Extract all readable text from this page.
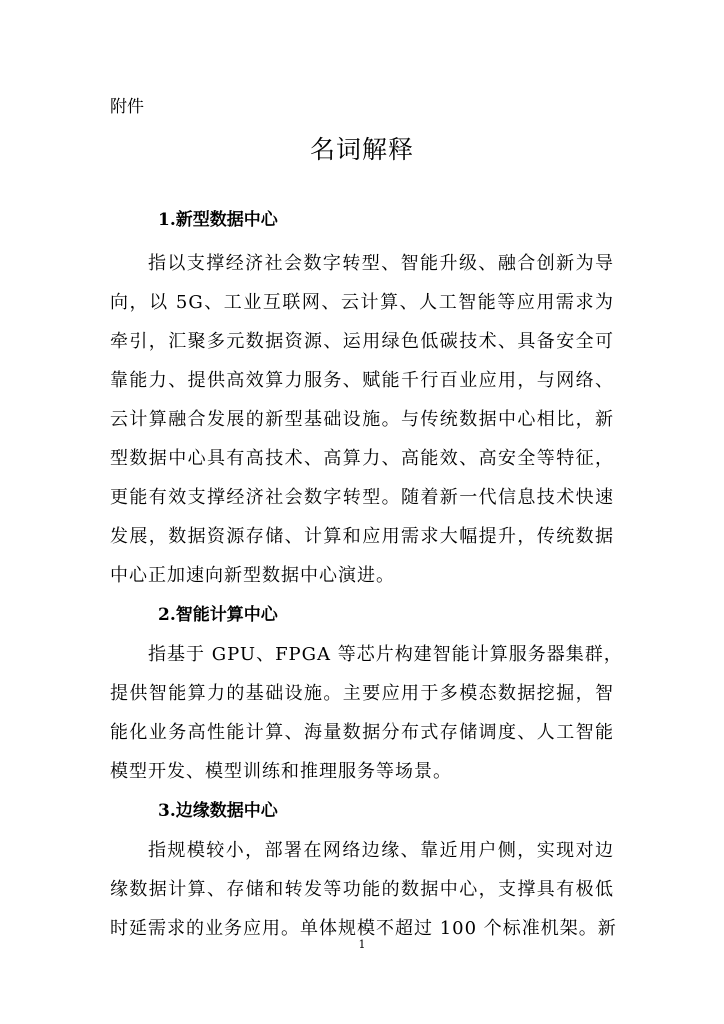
附件
名词解释
1.新型数据中心
指以支撑经济社会数字转型、智能升级、融合创新为导
向，以 5G、工业互联网、云计算、人工智能等应用需求为
牵引，汇聚多元数据资源、运用绿色低碳技术、具备安全可
靠能力、提供高效算力服务、赋能千行百业应用，与网络、
云计算融合发展的新型基础设施。与传统数据中心相比，新
型数据中心具有高技术、高算力、高能效、高安全等特征，
更能有效支撑经济社会数字转型。随着新一代信息技术快速
发展，数据资源存储、计算和应用需求大幅提升，传统数据
中心正加速向新型数据中心演进。
2.智能计算中心
指基于 GPU、FPGA 等芯片构建智能计算服务器集群，
提供智能算力的基础设施。主要应用于多模态数据挖掘，智
能化业务高性能计算、海量数据分布式存储调度、人工智能
模型开发、模型训练和推理服务等场景。
3.边缘数据中心
指规模较小，部署在网络边缘、靠近用户侧，实现对边
缘数据计算、存储和转发等功能的数据中心，支撑具有极低
时延需求的业务应用。单体规模不超过 100 个标准机架。新
1
